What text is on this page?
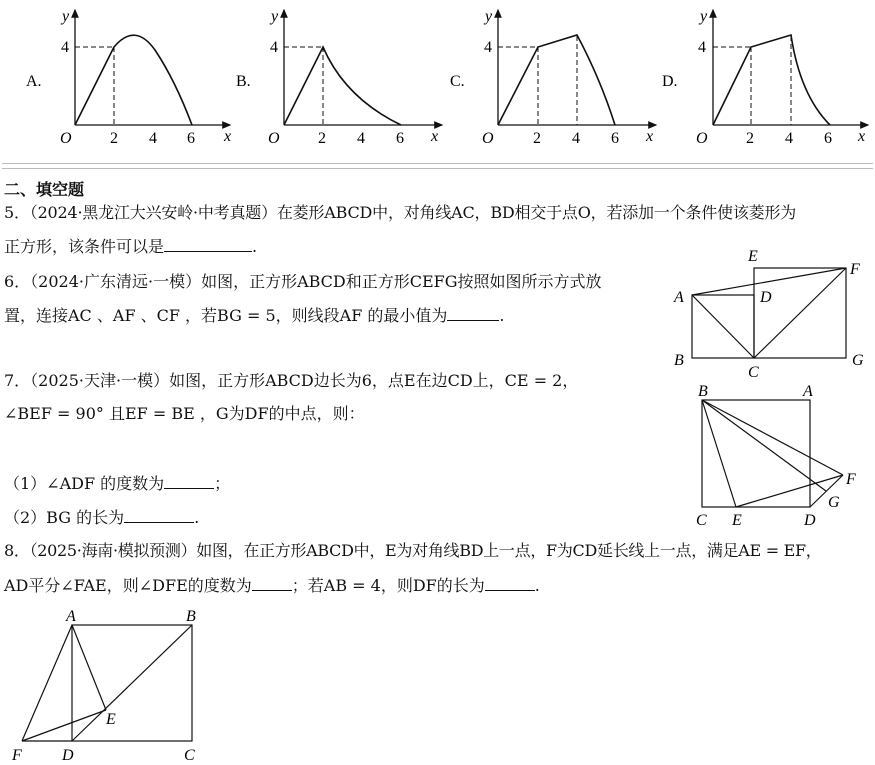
A.
y
x
O
4
2 4 6
B.
y
x
O
4
2 4 6
C.
y
x
O
4
2 4 6
D.
y
x
O
4
2 4 6
二、填空题
5．（2024·黑龙江大兴安岭·中考真题）在菱形ABCD中，对角线AC，BD相交于点O，若添加一个条件使该菱形为
正方形，该条件可以是	.
6．（2024·广东清远·一模）如图，正方形ABCD和正方形CEFG按照如图所示方式放
置，连接AC 、AF 、CF ，若BG = 5，则线段AF 的最小值为	.
E
F
A	D
B
C
G
7．（2025·天津·一模）如图，正方形ABCD边长为6，点E在边CD上，CE = 2，
∠BEF = 90° 且EF = BE ，G为DF的中点，则：
（1）∠ADF 的度数为	；
（2）BG 的长为	.
B	A
F
G
C E	D
8．（2025·海南·模拟预测）如图，在正方形ABCD中，E为对角线BD上一点，F为CD延长线上一点，满足AE = EF，
AD平分∠FAE，则∠DFE的度数为	；若AB = 4，则DF的长为	.
A	B
E
F	D	C
